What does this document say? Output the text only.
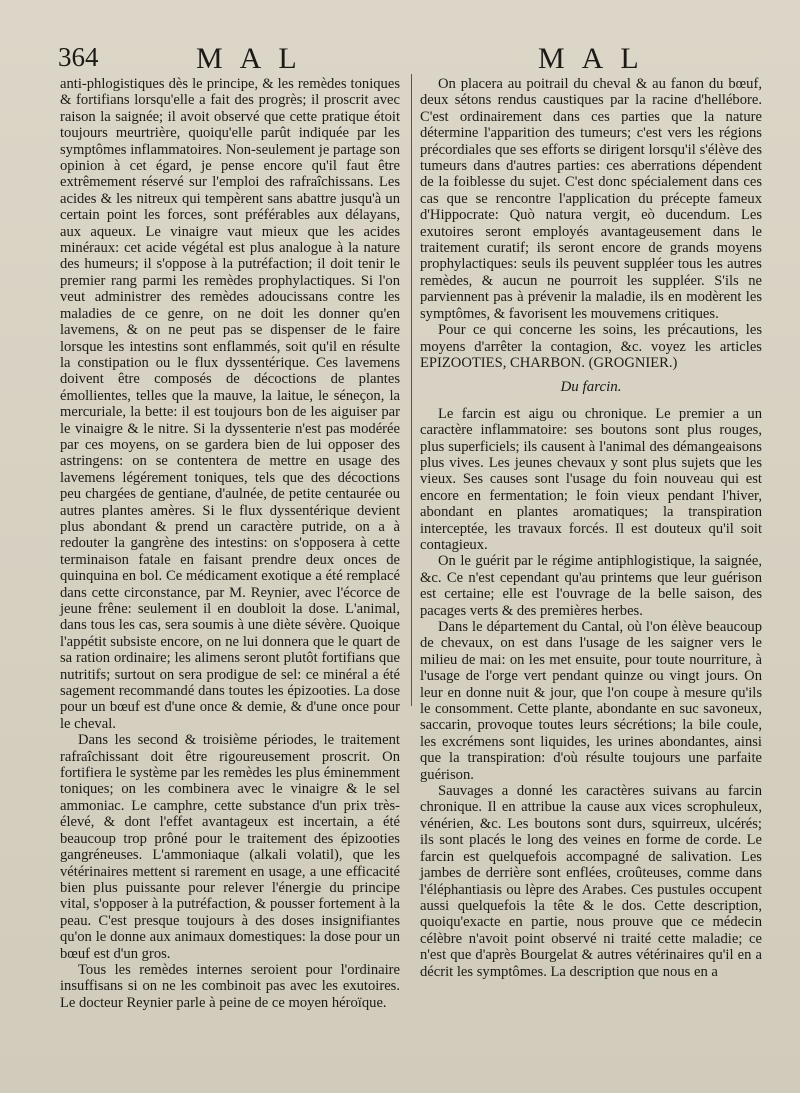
364	MAL	MAL

anti-phlogistiques dès le principe, & les remèdes toniques & fortifians lorsqu'elle a fait des progrès; il proscrit avec raison la saignée; il avoit observé que cette pratique étoit toujours meurtrière, quoiqu'elle parût indiquée par les symptômes inflammatoires. Non-seulement je partage son opinion à cet égard, je pense encore qu'il faut être extrêmement réservé sur l'emploi des rafraîchissans. Les acides & les nitreux qui tempèrent sans abattre jusqu'à un certain point les forces, sont préférables aux délayans, aux aqueux. Le vinaigre vaut mieux que les acides minéraux: cet acide végétal est plus analogue à la nature des humeurs; il s'oppose à la putréfaction; il doit tenir le premier rang parmi les remèdes prophylactiques. Si l'on veut administrer des remèdes adoucissans contre les maladies de ce genre, on ne doit les donner qu'en lavemens, & on ne peut pas se dispenser de le faire lorsque les intestins sont enflammés, soit qu'il en résulte la constipation ou le flux dyssentérique. Ces lavemens doivent être composés de décoctions de plantes émollientes, telles que la mauve, la laitue, le séneçon, la mercuriale, la bette: il est toujours bon de les aiguiser par le vinaigre & le nitre. Si la dyssenterie n'est pas modérée par ces moyens, on se gardera bien de lui opposer des astringens: on se contentera de mettre en usage des lavemens légérement toniques, tels que des décoctions peu chargées de gentiane, d'aulnée, de petite centaurée ou autres plantes amères. Si le flux dyssentérique devient plus abondant & prend un caractère putride, on a à redouter la gangrène des intestins: on s'opposera à cette terminaison fatale en faisant prendre deux onces de quinquina en bol. Ce médicament exotique a été remplacé dans cette circonstance, par M. Reynier, avec l'écorce de jeune frêne: seulement il en doubloit la dose. L'animal, dans tous les cas, sera soumis à une diète sévère. Quoique l'appétit subsiste encore, on ne lui donnera que le quart de sa ration ordinaire; les alimens seront plutôt fortifians que nutritifs; surtout on sera prodigue de sel: ce minéral a été sagement recommandé dans toutes les épizooties. La dose pour un bœuf est d'une once & demie, & d'une once pour le cheval.

Dans les second & troisième périodes, le traitement rafraîchissant doit être rigoureusement proscrit. On fortifiera le système par les remèdes les plus éminemment toniques; on les combinera avec le vinaigre & le sel ammoniac. Le camphre, cette substance d'un prix très-élevé, & dont l'effet avantageux est incertain, a été beaucoup trop prôné pour le traitement des épizooties gangréneuses. L'ammoniaque (alkali volatil), que les vétérinaires mettent si rarement en usage, a une efficacité bien plus puissante pour relever l'énergie du principe vital, s'opposer à la putréfaction, & pousser fortement à la peau. C'est presque toujours à des doses insignifiantes qu'on le donne aux animaux domestiques: la dose pour un bœuf est d'un gros.

Tous les remèdes internes seroient pour l'ordinaire insuffisans si on ne les combinoit pas avec les exutoires. Le docteur Reynier parle à peine de ce moyen héroïque.

On placera au poitrail du cheval & au fanon du bœuf, deux sétons rendus caustiques par la racine d'hellébore. C'est ordinairement dans ces parties que la nature détermine l'apparition des tumeurs; c'est vers les régions précordiales que ses efforts se dirigent lorsqu'il s'élève des tumeurs dans d'autres parties: ces aberrations dépendent de la foiblesse du sujet. C'est donc spécialement dans ces cas que se rencontre l'application du précepte fameux d'Hippocrate: Quò natura vergit, eò ducendum. Les exutoires seront employés avantageusement dans le traitement curatif; ils seront encore de grands moyens prophylactiques: seuls ils peuvent suppléer tous les autres remèdes, & aucun ne pourroit les suppléer. S'ils ne parviennent pas à prévenir la maladie, ils en modèrent les symptômes, & favorisent les mouvemens critiques.

Pour ce qui concerne les soins, les précautions, les moyens d'arrêter la contagion, &c. voyez les articles EPIZOOTIES, CHARBON. (GROGNIER.)

Du farcin.

Le farcin est aigu ou chronique. Le premier a un caractère inflammatoire: ses boutons sont plus rouges, plus superficiels; ils causent à l'animal des démangeaisons plus vives. Les jeunes chevaux y sont plus sujets que les vieux. Ses causes sont l'usage du foin nouveau qui est encore en fermentation; le foin vieux pendant l'hiver, abondant en plantes aromatiques; la transpiration interceptée, les travaux forcés. Il est douteux qu'il soit contagieux.

On le guérit par le régime antiphlogistique, la saignée, &c. Ce n'est cependant qu'au printems que leur guérison est certaine; elle est l'ouvrage de la belle saison, des pacages verts & des premières herbes.

Dans le département du Cantal, où l'on élève beaucoup de chevaux, on est dans l'usage de les saigner vers le milieu de mai: on les met ensuite, pour toute nourriture, à l'usage de l'orge vert pendant quinze ou vingt jours. On leur en donne nuit & jour, que l'on coupe à mesure qu'ils le consomment. Cette plante, abondante en suc savoneux, saccarin, provoque toutes leurs sécrétions; la bile coule, les excrémens sont liquides, les urines abondantes, ainsi que la transpiration: d'où résulte toujours une parfaite guérison.

Sauvages a donné les caractères suivans au farcin chronique. Il en attribue la cause aux vices scrophuleux, vénérien, &c. Les boutons sont durs, squirreux, ulcérés; ils sont placés le long des veines en forme de corde. Le farcin est quelquefois accompagné de salivation. Les jambes de derrière sont enflées, croûteuses, comme dans l'éléphantiasis ou lèpre des Arabes. Ces pustules occupent aussi quelquefois la tête & le dos. Cette description, quoiqu'exacte en partie, nous prouve que ce médecin célèbre n'avoit point observé ni traité cette maladie; ce n'est que d'après Bourgelat & autres vétérinaires qu'il en a décrit les symptômes. La description que nous en a
